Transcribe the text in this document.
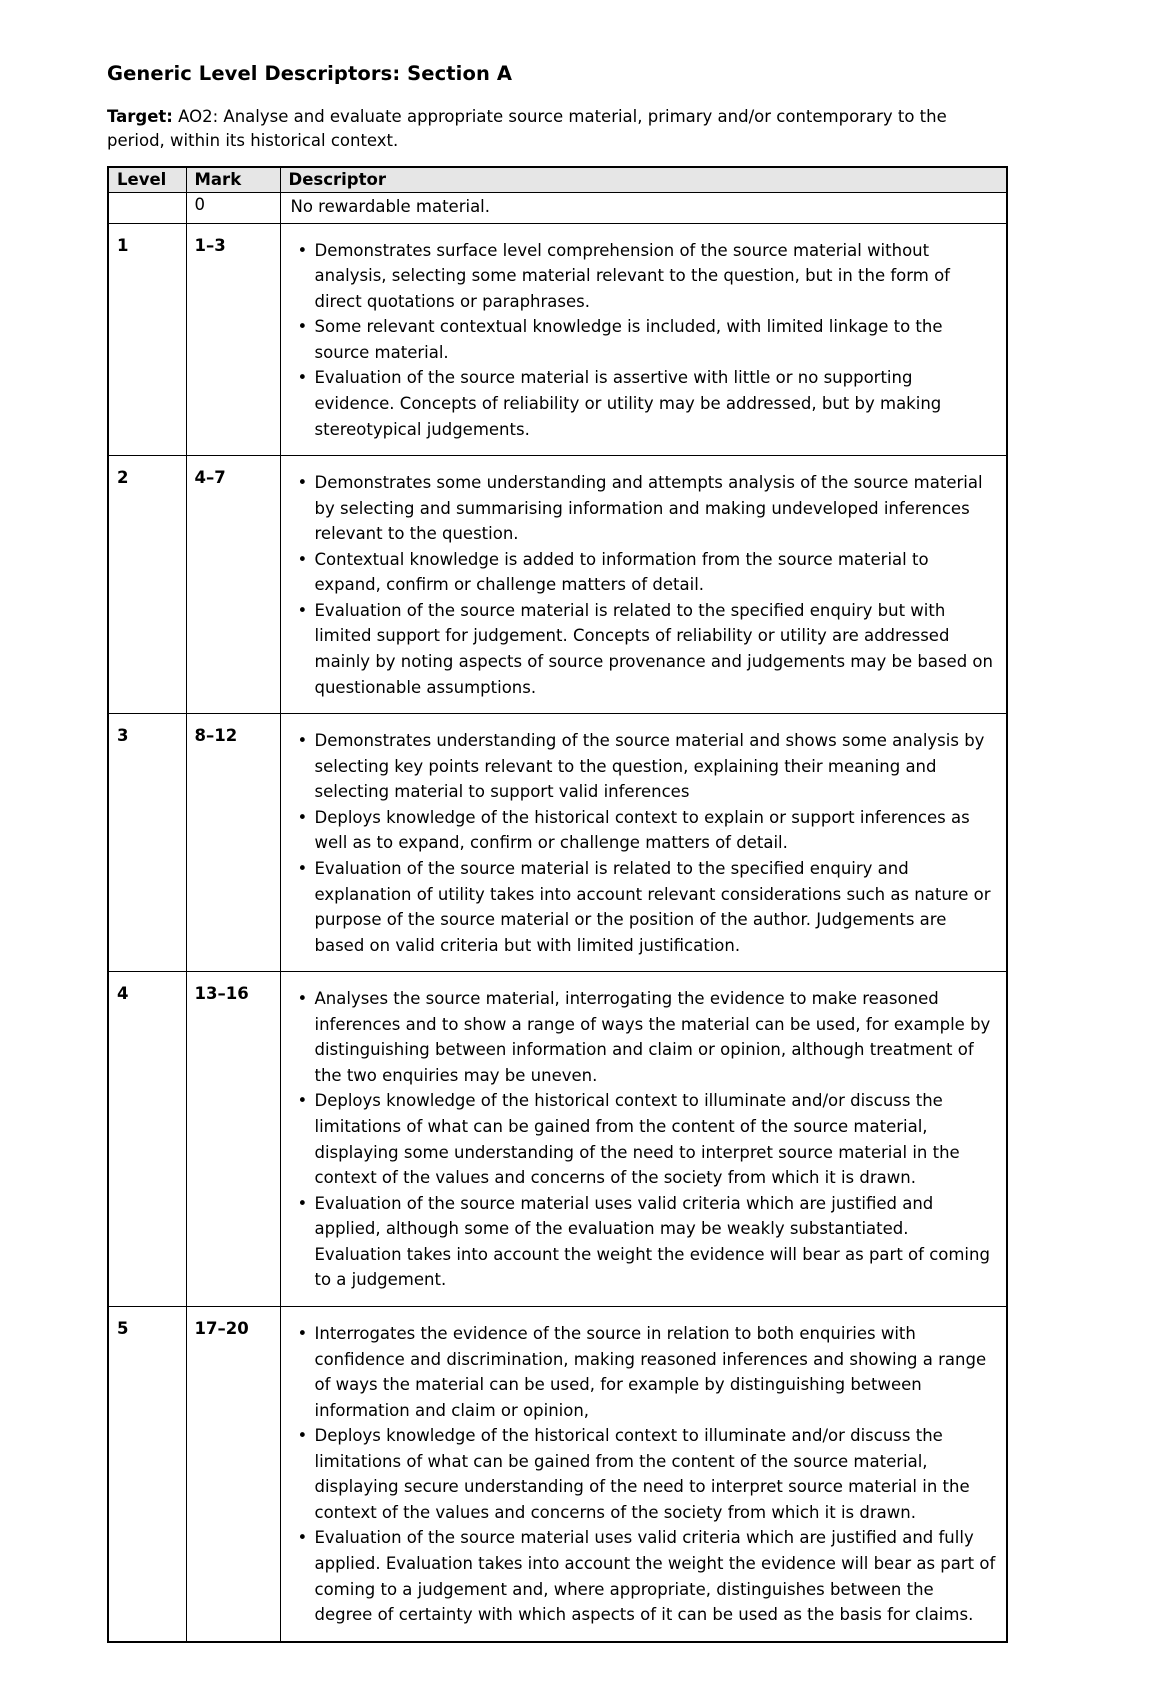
Generic Level Descriptors: Section A

Target: AO2: Analyse and evaluate appropriate source material, primary and/or contemporary to the period, within its historical context.

Level	Mark	Descriptor
	0	No rewardable material.
1	1–3	
•Demonstrates surface level comprehension of the source material without analysis, selecting some material relevant to the question, but in the form of direct quotations or paraphrases.
• Some relevant contextual knowledge is included, with limited linkage to the source material.
• Evaluation of the source material is assertive with little or no supporting evidence. Concepts of reliability or utility may be addressed, but by making stereotypical judgements.

2	4–7	
•Demonstrates some understanding and attempts analysis of the source material by selecting and summarising information and making undeveloped inferences relevant to the question.
• Contextual knowledge is added to information from the source material to expand, confirm or challenge matters of detail.
• Evaluation of the source material is related to the specified enquiry but with limited support for judgement. Concepts of reliability or utility are addressed mainly by noting aspects of source provenance and judgements may be based on questionable assumptions.

3	8–12	
•Demonstrates understanding of the source material and shows some analysis by selecting key points relevant to the question, explaining their meaning and selecting material to support valid inferences
• Deploys knowledge of the historical context to explain or support inferences as well as to expand, confirm or challenge matters of detail.
• Evaluation of the source material is related to the specified enquiry and explanation of utility takes into account relevant considerations such as nature or purpose of the source material or the position of the author. Judgements are based on valid criteria but with limited justification.

4	13–16	
•Analyses the source material, interrogating the evidence to make reasoned inferences and to show a range of ways the material can be used, for example by distinguishing between information and claim or opinion, although treatment of the two enquiries may be uneven.
• Deploys knowledge of the historical context to illuminate and/or discuss the limitations of what can be gained from the content of the source material, displaying some understanding of the need to interpret source material in the context of the values and concerns of the society from which it is drawn.
• Evaluation of the source material uses valid criteria which are justified and applied, although some of the evaluation may be weakly substantiated. Evaluation takes into account the weight the evidence will bear as part of coming to a judgement.

5	17–20	
•Interrogates the evidence of the source in relation to both enquiries with confidence and discrimination, making reasoned inferences and showing a range of ways the material can be used, for example by distinguishing between information and claim or opinion,
• Deploys knowledge of the historical context to illuminate and/or discuss the limitations of what can be gained from the content of the source material, displaying secure understanding of the need to interpret source material in the context of the values and concerns of the society from which it is drawn.
• Evaluation of the source material uses valid criteria which are justified and fully applied. Evaluation takes into account the weight the evidence will bear as part of coming to a judgement and, where appropriate, distinguishes between the degree of certainty with which aspects of it can be used as the basis for claims.
